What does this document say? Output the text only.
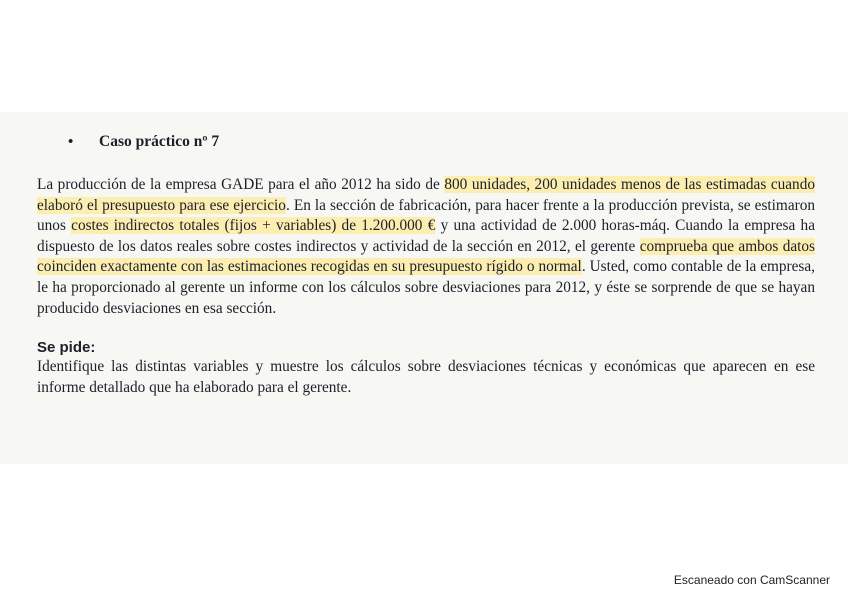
• Caso práctico nº 7

La producción de la empresa GADE para el año 2012 ha sido de 800 unidades, 200 unidades menos de las estimadas cuando elaboró el presupuesto para ese ejercicio. En la sección de fabricación, para hacer frente a la producción prevista, se estimaron unos costes indirectos totales (fijos + variables) de 1.200.000 € y una actividad de 2.000 horas-máq. Cuando la empresa ha dispuesto de los datos reales sobre costes indirectos y actividad de la sección en 2012, el gerente comprueba que ambos datos coinciden exactamente con las estimaciones recogidas en su presupuesto rígido o normal. Usted, como contable de la empresa, le ha proporcionado al gerente un informe con los cálculos sobre desviaciones para 2012, y éste se sorprende de que se hayan producido desviaciones en esa sección.

Se pide:

Identifique las distintas variables y muestre los cálculos sobre desviaciones técnicas y económicas que aparecen en ese informe detallado que ha elaborado para el gerente.

Escaneado con CamScanner
